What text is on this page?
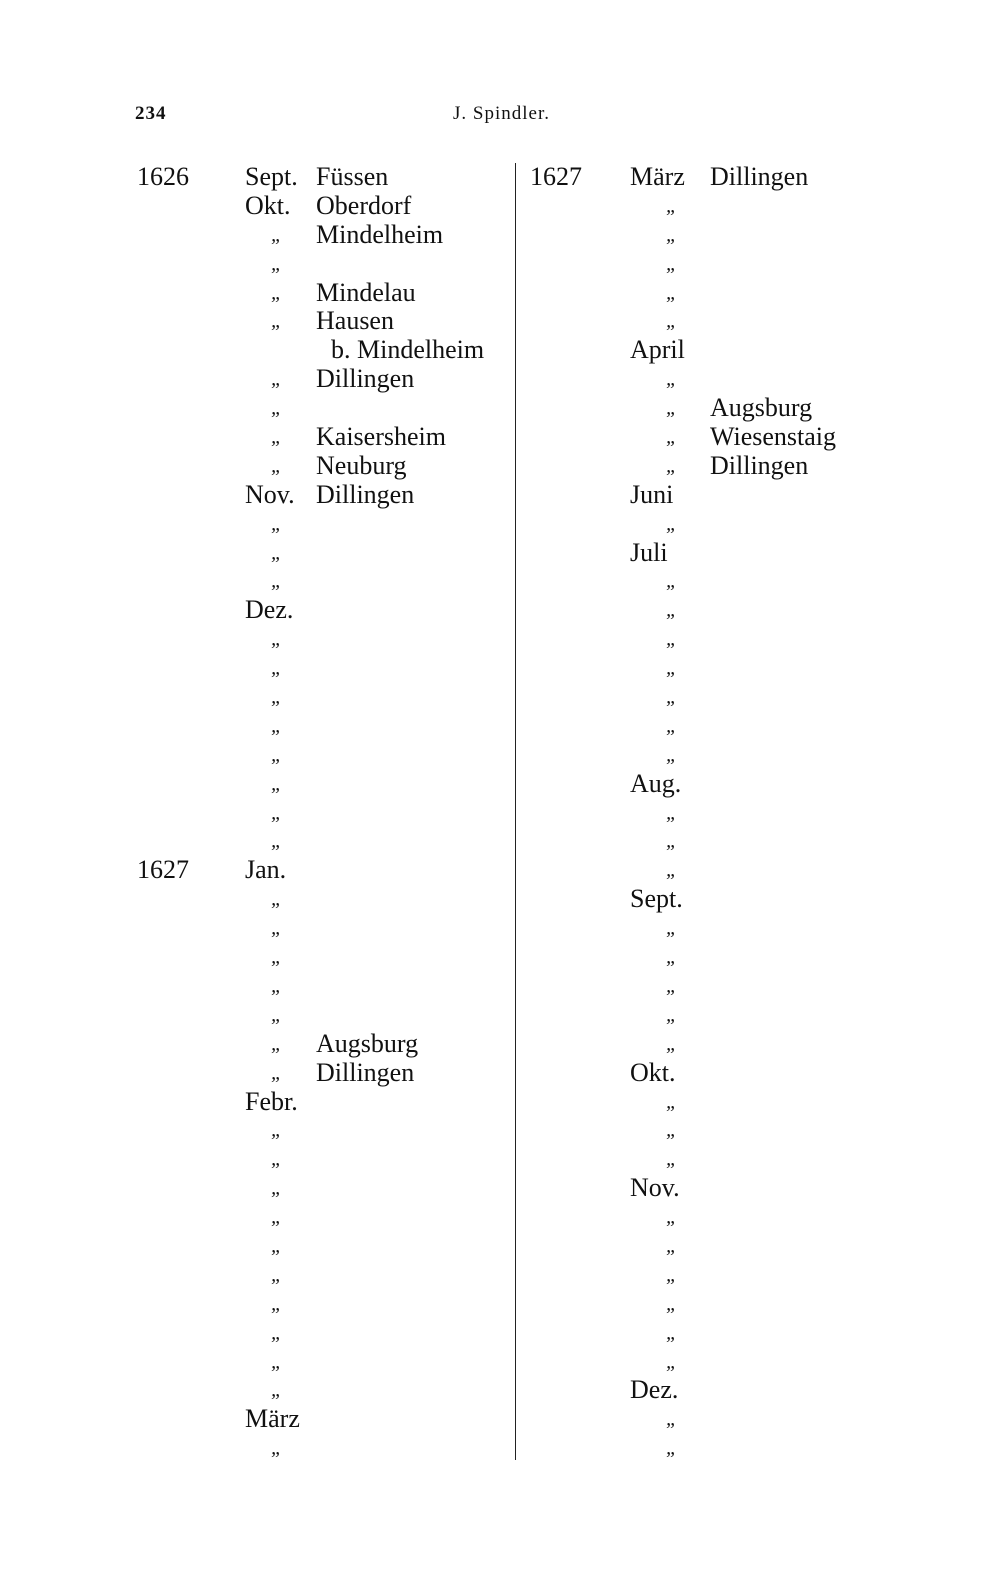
234	J. Spindler.
1626 Sept. Füssen
Okt. Oberdorf
„ Mindelheim
„
„ Mindelau
„ Hausen
b. Mindelheim
„ Dillingen
„
„ Kaisersheim
„ Neuburg
Nov. Dillingen
„
„
„
Dez.
„
„
„
„
„
„
„
„
1627 Jan.
„
„
„
„
„
„ Augsburg
„ Dillingen
Febr.
„
„
„
„
„
„
„
„
„
„
März
„
1627 März Dillingen
„
„
„
„
„
April
„
„ Augsburg
„ Wiesenstaig
„ Dillingen
Juni
„
Juli
„
„
„
„
„
„
„
Aug.
„
„
„
Sept.
„
„
„
„
„
Okt.
„
„
„
Nov.
„
„
„
„
„
„
Dez.
„
„
